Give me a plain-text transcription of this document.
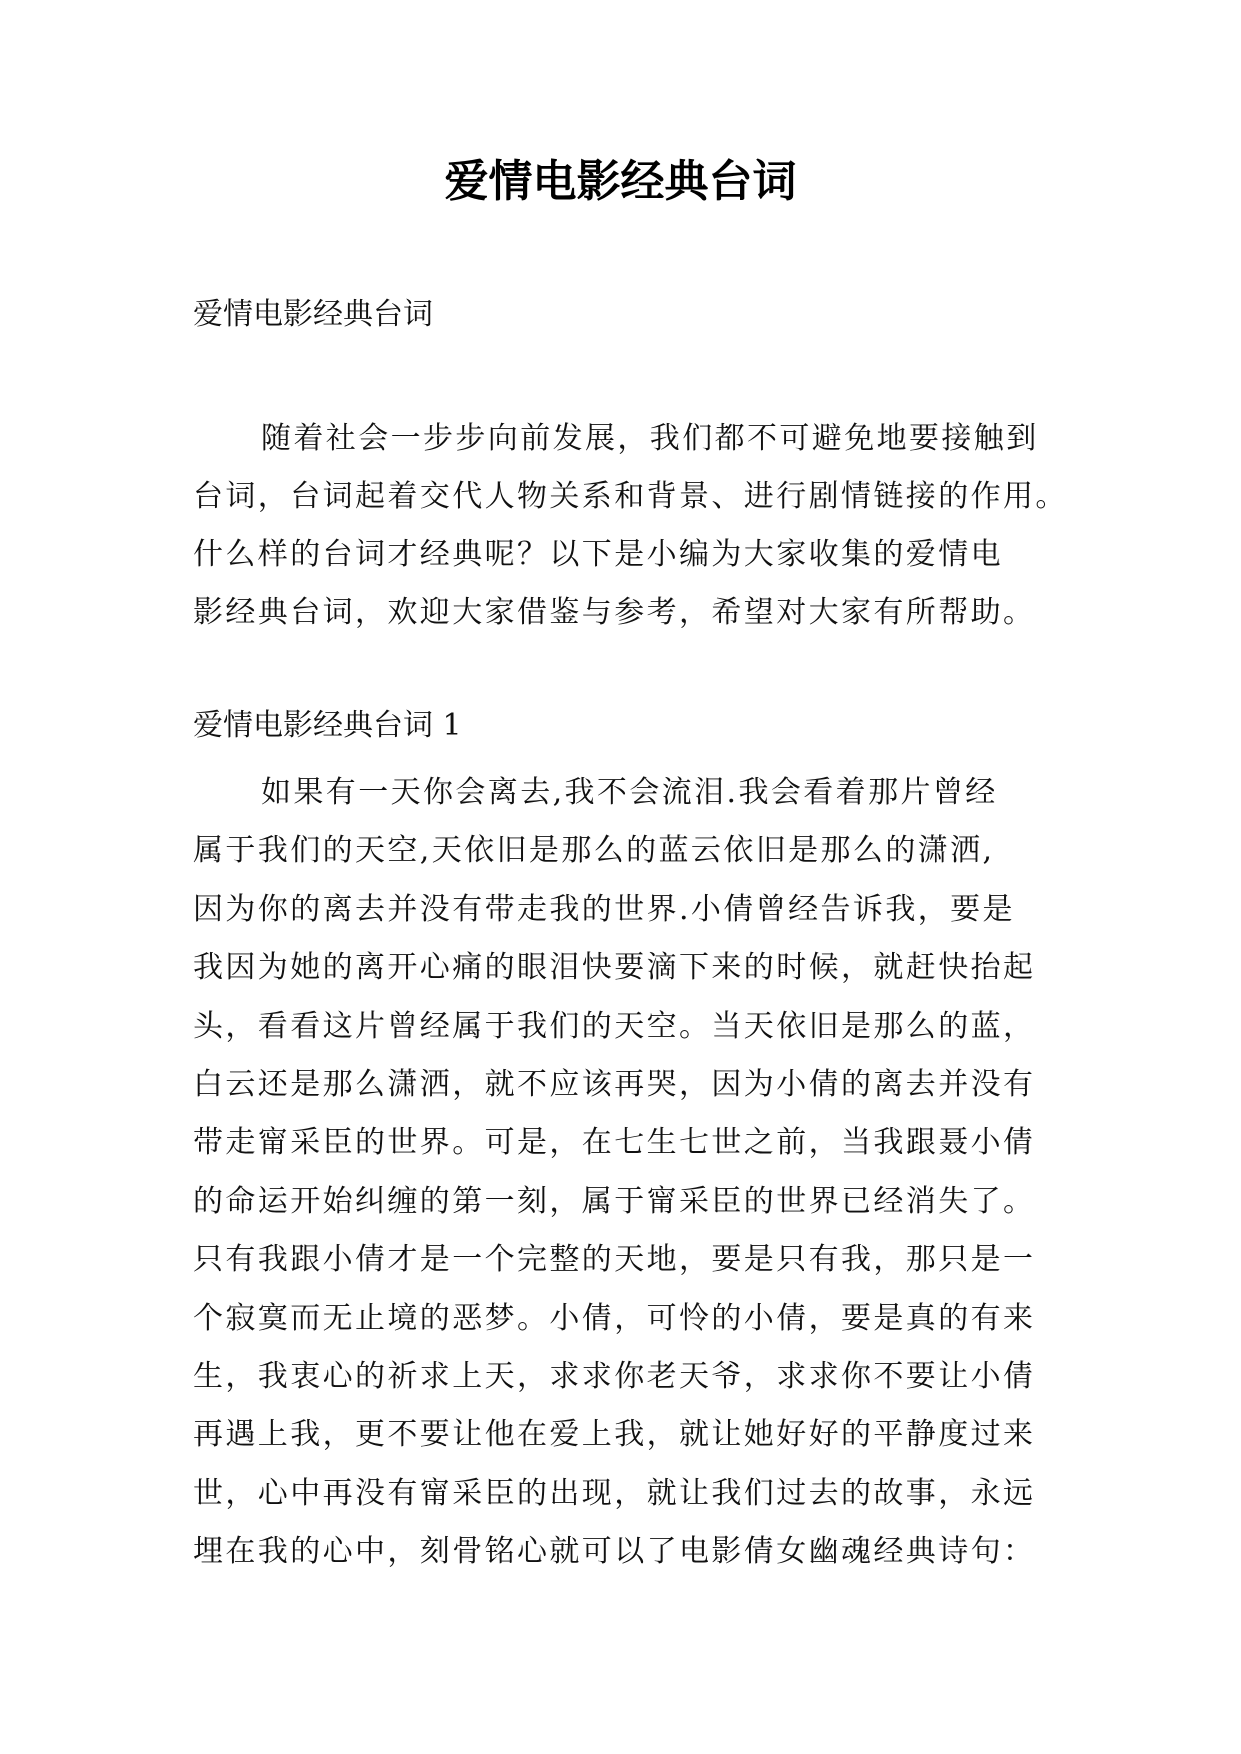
爱情电影经典台词

爱情电影经典台词

随着社会一步步向前发展，我们都不可避免地要接触到
台词，台词起着交代人物关系和背景、进行剧情链接的作用。
什么样的台词才经典呢？以下是小编为大家收集的爱情电
影经典台词，欢迎大家借鉴与参考，希望对大家有所帮助。

爱情电影经典台词 1

如果有一天你会离去,我不会流泪.我会看着那片曾经
属于我们的天空,天依旧是那么的蓝云依旧是那么的潇洒,
因为你的离去并没有带走我的世界.小倩曾经告诉我，要是
我因为她的离开心痛的眼泪快要滴下来的时候，就赶快抬起
头，看看这片曾经属于我们的天空。当天依旧是那么的蓝，
白云还是那么潇洒，就不应该再哭，因为小倩的离去并没有
带走甯采臣的世界。可是，在七生七世之前，当我跟聂小倩
的命运开始纠缠的第一刻，属于甯采臣的世界已经消失了。
只有我跟小倩才是一个完整的天地，要是只有我，那只是一
个寂寞而无止境的恶梦。小倩，可怜的小倩，要是真的有来
生，我衷心的祈求上天，求求你老天爷，求求你不要让小倩
再遇上我，更不要让他在爱上我，就让她好好的平静度过来
世，心中再没有甯采臣的出现，就让我们过去的故事，永远
埋在我的心中，刻骨铭心就可以了电影倩女幽魂经典诗句：
